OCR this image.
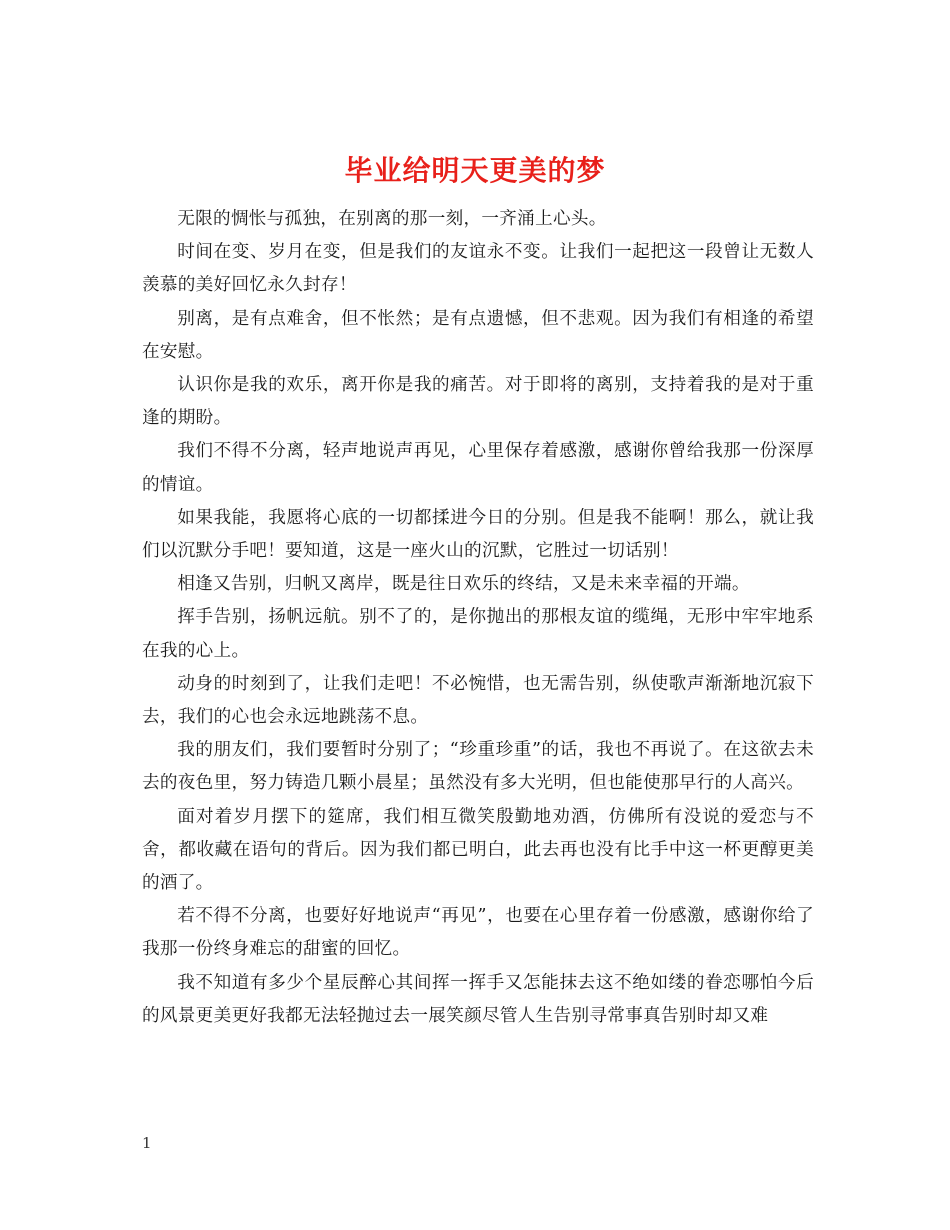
毕业给明天更美的梦

无限的惆怅与孤独，在别离的那一刻，一齐涌上心头。

时间在变、岁月在变，但是我们的友谊永不变。让我们一起把这一段曾让无数人羡慕的美好回忆永久封存！

别离，是有点难舍，但不怅然；是有点遗憾，但不悲观。因为我们有相逢的希望在安慰。

认识你是我的欢乐，离开你是我的痛苦。对于即将的离别，支持着我的是对于重逢的期盼。

我们不得不分离，轻声地说声再见，心里保存着感激，感谢你曾给我那一份深厚的情谊。

如果我能，我愿将心底的一切都揉进今日的分别。但是我不能啊！那么，就让我们以沉默分手吧！要知道，这是一座火山的沉默，它胜过一切话别！

相逢又告别，归帆又离岸，既是往日欢乐的终结，又是未来幸福的开端。

挥手告别，扬帆远航。别不了的，是你抛出的那根友谊的缆绳，无形中牢牢地系在我的心上。

动身的时刻到了，让我们走吧！不必惋惜，也无需告别，纵使歌声渐渐地沉寂下去，我们的心也会永远地跳荡不息。

我的朋友们，我们要暂时分别了；“珍重珍重”的话，我也不再说了。在这欲去未去的夜色里，努力铸造几颗小晨星；虽然没有多大光明，但也能使那早行的人高兴。

面对着岁月摆下的筵席，我们相互微笑殷勤地劝酒，仿佛所有没说的爱恋与不舍，都收藏在语句的背后。因为我们都已明白，此去再也没有比手中这一杯更醇更美的酒了。

若不得不分离，也要好好地说声“再见”，也要在心里存着一份感激，感谢你给了我那一份终身难忘的甜蜜的回忆。

我不知道有多少个星辰醉心其间挥一挥手又怎能抹去这不绝如缕的眷恋哪怕今后的风景更美更好我都无法轻抛过去一展笑颜尽管人生告别寻常事真告别时却又难

1
